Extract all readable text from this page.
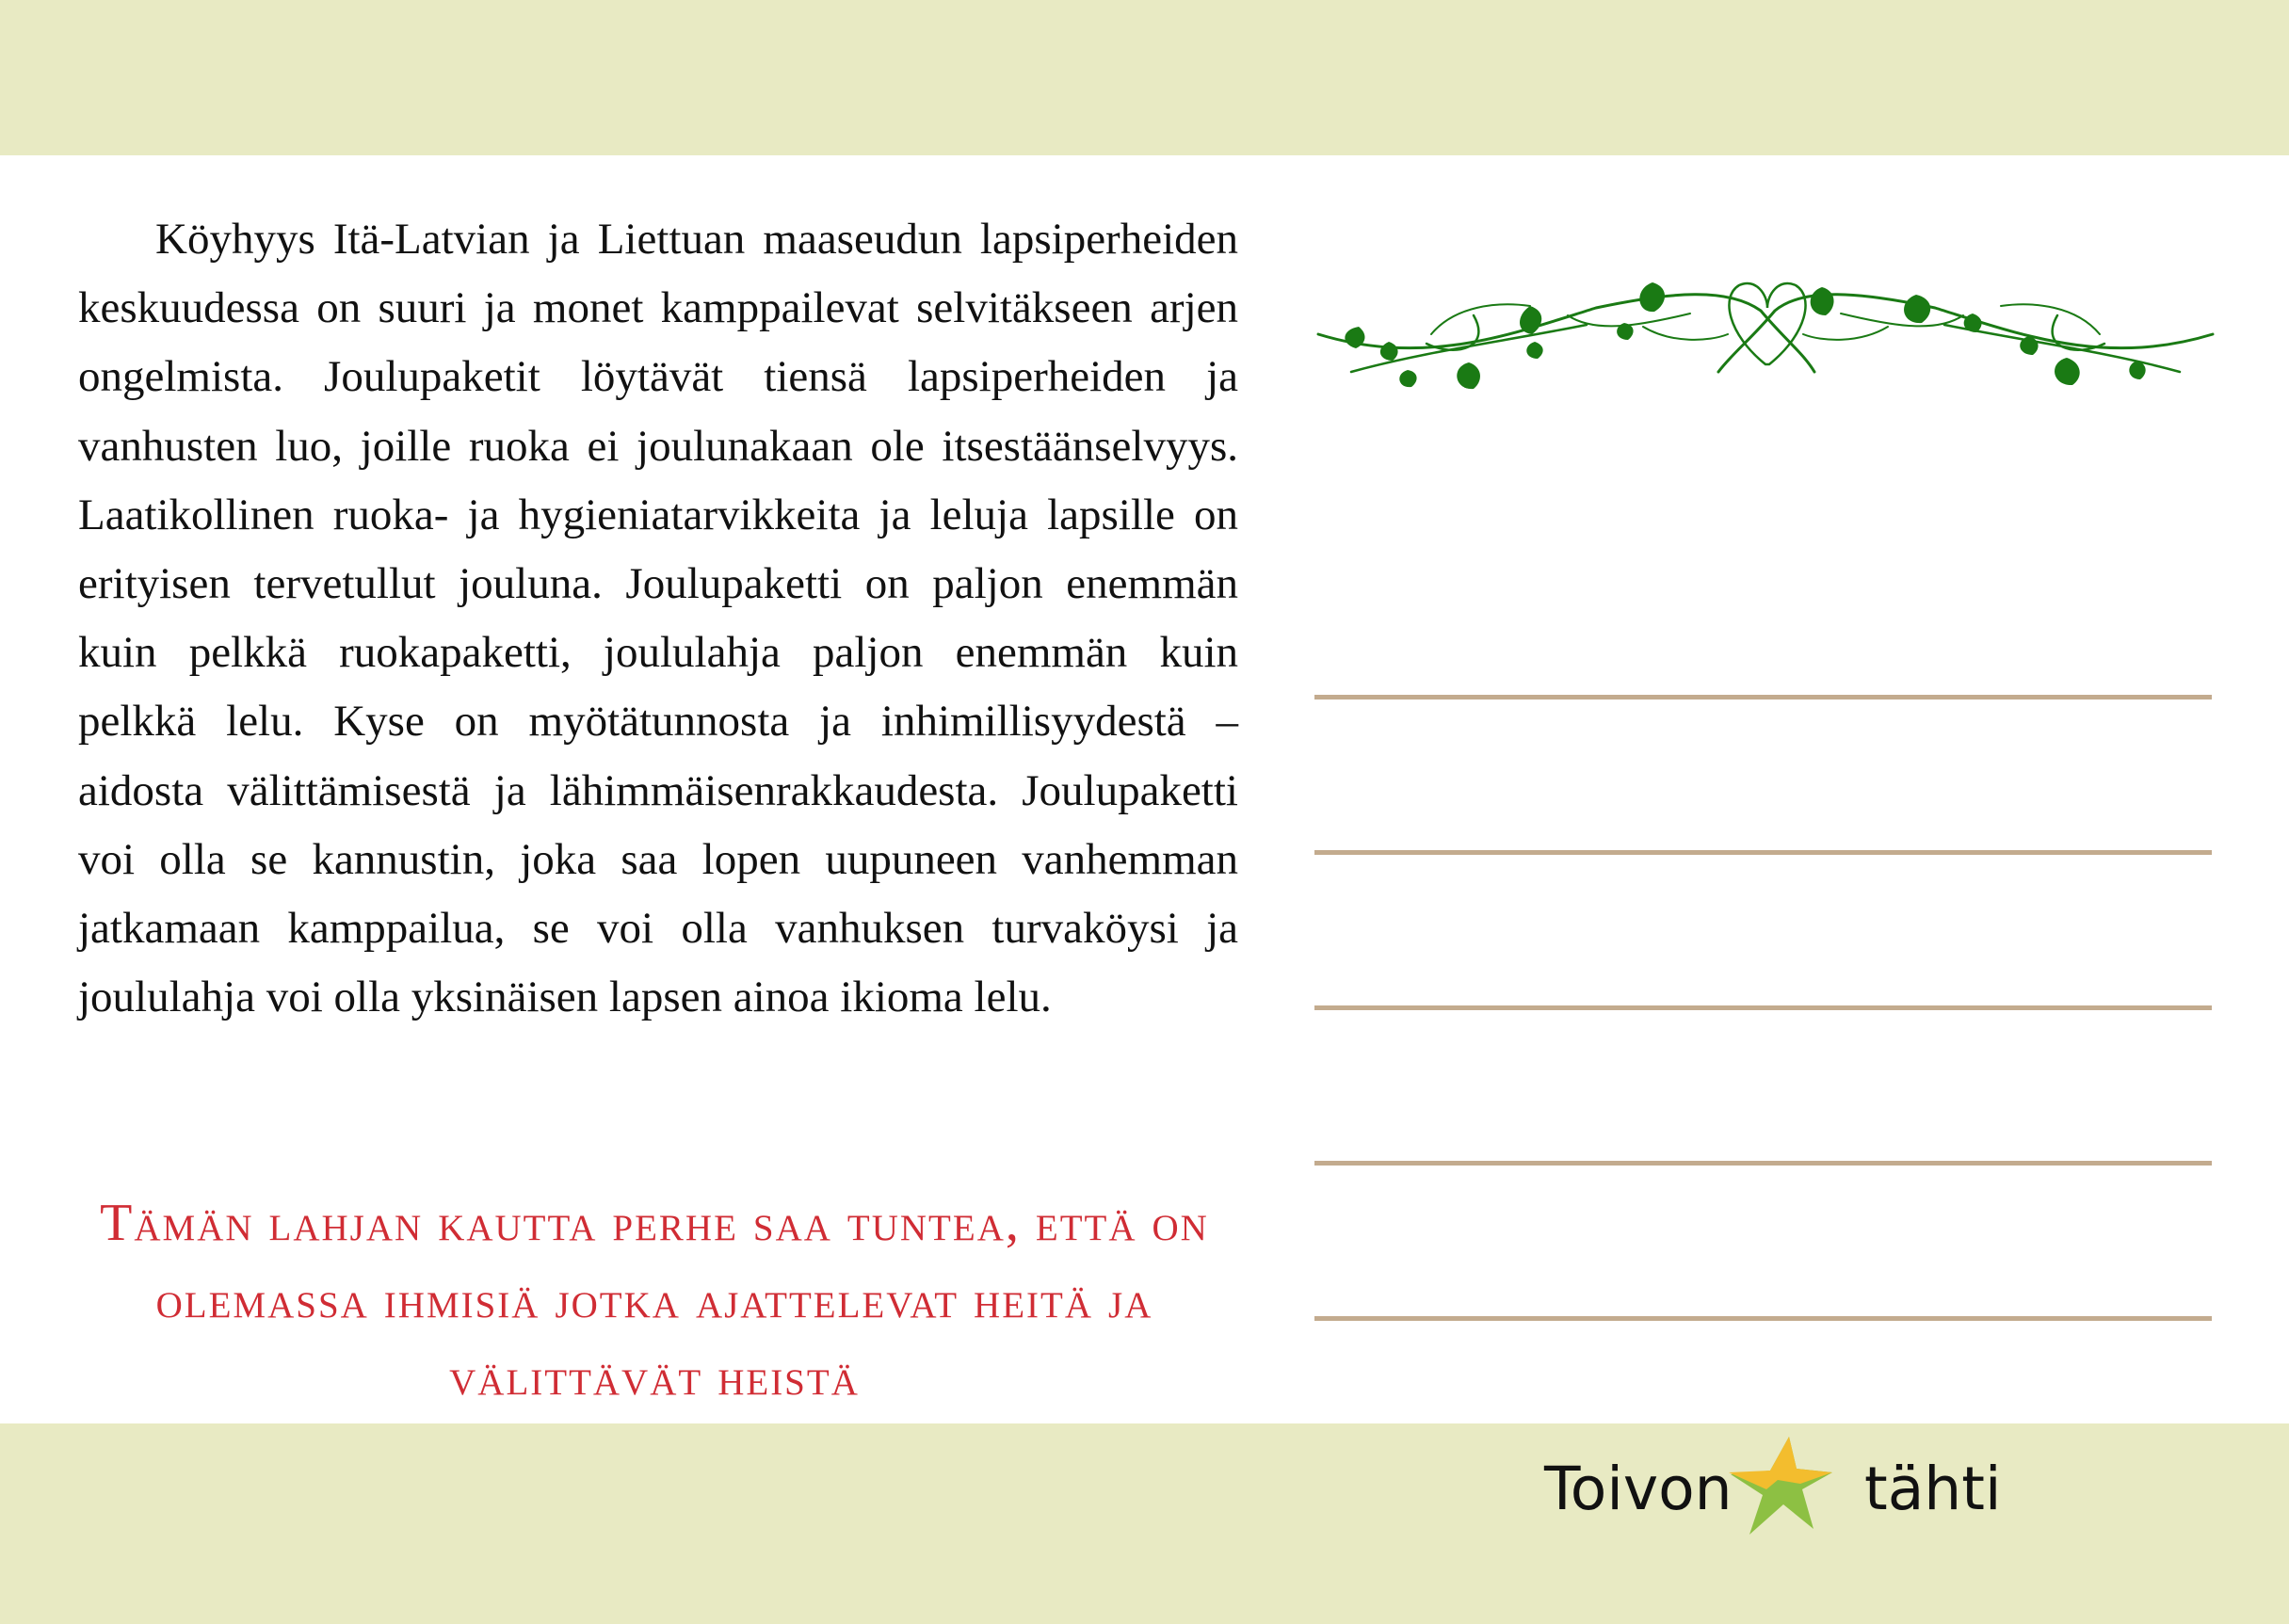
Köyhyys Itä-Latvian ja Liettuan maaseudun lapsiperheiden keskuudessa on suuri ja monet kamppailevat selvitäkseen arjen ongelmista. Joulupaketit löytävät tiensä lapsiperheiden ja vanhusten luo, joille ruoka ei joulunakaan ole itsestäänselvyys. Laatikollinen ruoka- ja hygieniatarvikkeita ja leluja lapsille on erityisen tervetullut jouluna. Joulupaketti on paljon enemmän kuin pelkkä ruokapaketti, joululahja paljon enemmän kuin pelkkä lelu. Kyse on myötätunnosta ja inhimillisyydestä – aidosta välittämisestä ja lähimmäisenrakkaudesta. Joulupaketti voi olla se kannustin, joka saa lopen uupuneen vanhemman jatkamaan kamppailua, se voi olla vanhuksen turvaköysi ja joululahja voi olla yksinäisen lapsen ainoa ikioma lelu.

Tämän lahjan kautta perhe saa tuntea, että on olemassa ihmisiä jotka ajattelevat heitä ja välittävät heistä

Toivon tähti
